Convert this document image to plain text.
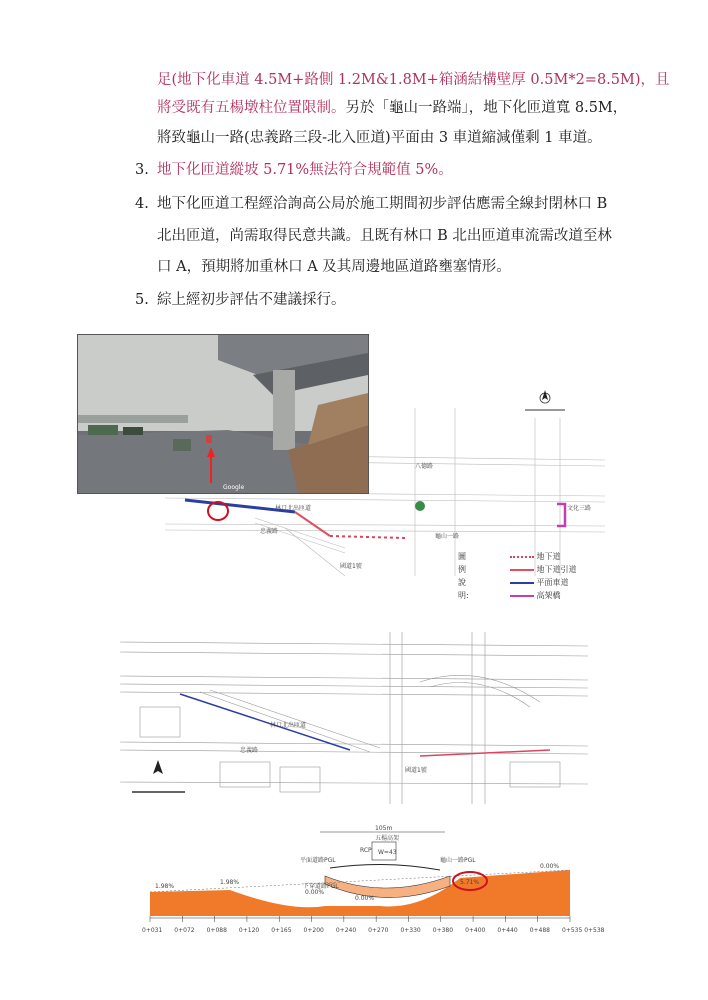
足(地下化車道 4.5M+路側 1.2M&1.8M+箱涵結構壁厚 0.5M*2=8.5M)，且
將受既有五楊墩柱位置限制。另於「龜山一路端」，地下化匝道寬 8.5M，
將致龜山一路(忠義路三段-北入匝道)平面由 3 車道縮減僅剩 1 車道。
3. 地下化匝道縱坡 5.71%無法符合規範值 5%。
4. 地下化匝道工程經洽詢高公局於施工期間初步評估應需全線封閉林口 B
北出匝道，尚需取得民意共識。且既有林口 B 北出匝道車流需改道至林
口 A，預期將加重林口 A 及其周邊地區道路壅塞情形。
5. 綜上經初步評估不建議採行。
八德路
文化三路
龜山一路
忠義路
林口北出匝道
國道1號
Google
圖例說明:
地下道
地下道引道
平面車道
高架橋
林口北出匝道
忠義路
國道1號
105m
五楊高架
RCP W=43
平面道路PGL	龜山一路PGL
下穿道路PGL
1.98%
1.98%	5.71%
0.00%
0.00%
0.00%
0+031 0+072 0+088 0+120 0+165 0+200 0+240 0+270 0+330 0+380 0+400 0+440 0+488 0+535 0+538
